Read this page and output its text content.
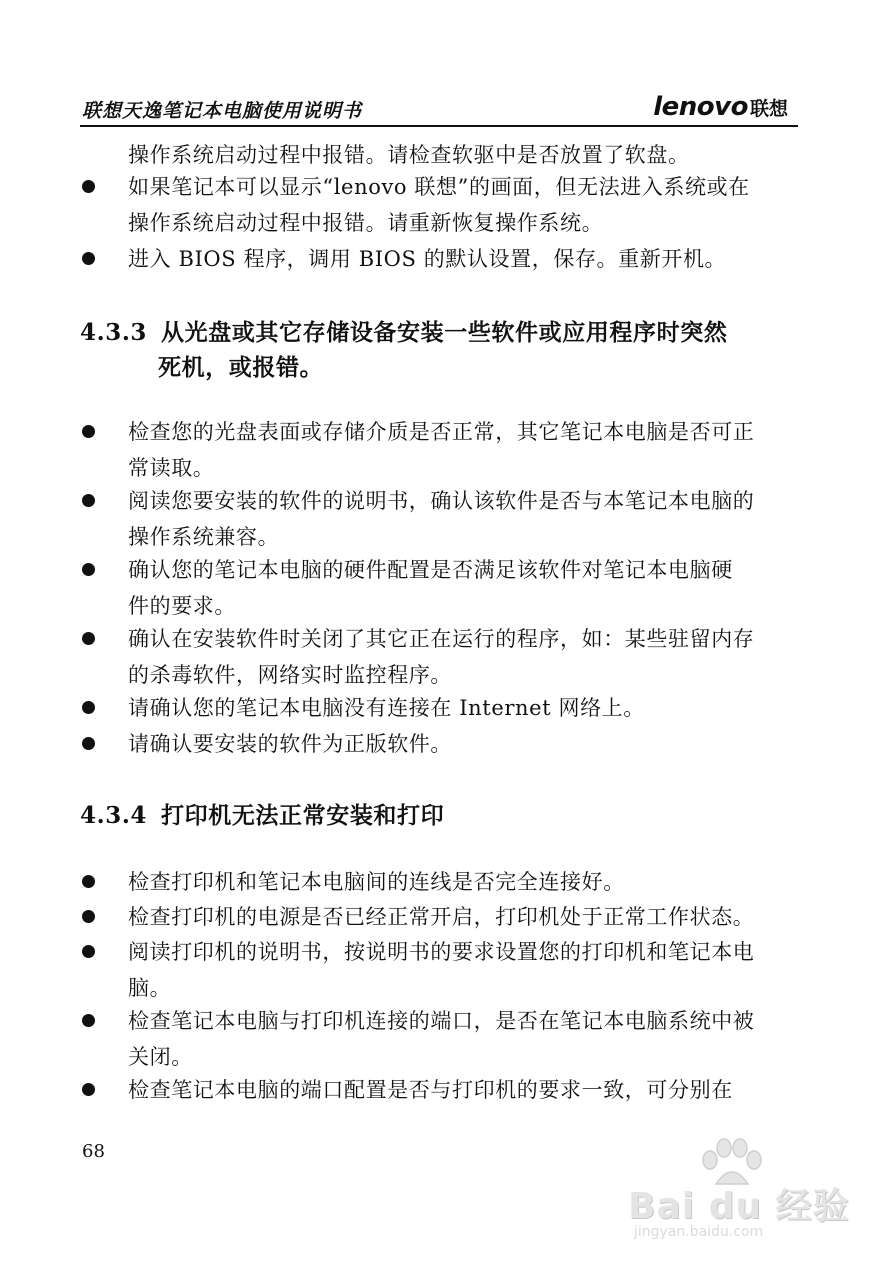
联想天逸笔记本电脑使用说明书	lenovo 联想
操作系统启动过程中报错。请检查软驱中是否放置了软盘。
如果笔记本可以显示“lenovo 联想”的画面，但无法进入系统或在
操作系统启动过程中报错。请重新恢复操作系统。
进入 BIOS 程序，调用 BIOS 的默认设置，保存。重新开机。
4.3.3 从光盘或其它存储设备安装一些软件或应用程序时突然
死机，或报错。
检查您的光盘表面或存储介质是否正常，其它笔记本电脑是否可正
常读取。
阅读您要安装的软件的说明书，确认该软件是否与本笔记本电脑的
操作系统兼容。
确认您的笔记本电脑的硬件配置是否满足该软件对笔记本电脑硬
件的要求。
确认在安装软件时关闭了其它正在运行的程序，如：某些驻留内存
的杀毒软件，网络实时监控程序。
请确认您的笔记本电脑没有连接在 Internet 网络上。
请确认要安装的软件为正版软件。
4.3.4 打印机无法正常安装和打印
检查打印机和笔记本电脑间的连线是否完全连接好。
检查打印机的电源是否已经正常开启，打印机处于正常工作状态。
阅读打印机的说明书，按说明书的要求设置您的打印机和笔记本电
脑。
检查笔记本电脑与打印机连接的端口，是否在笔记本电脑系统中被
关闭。
检查笔记本电脑的端口配置是否与打印机的要求一致，可分别在
68
Bai du 经验
jingyan.baidu.com
